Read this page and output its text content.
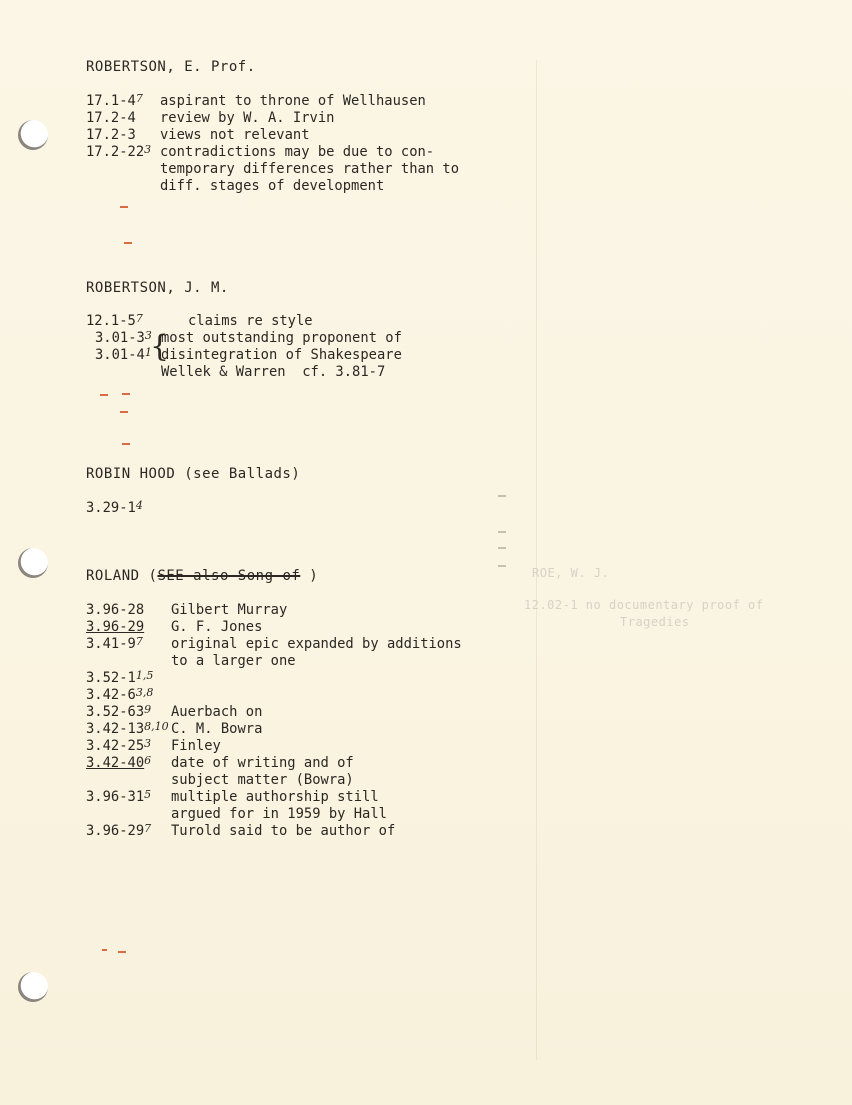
ROBERTSON, E. Prof.

$17.1-4^7$

aspirant to throne of Wellhausen

17.2-4

review by W. A. Irvin

17.2-3

views not relevant

$17.2-22^3$

contradictions may be due to con-

temporary differences rather than to

diff. stages of development

ROBERTSON, J. M.

$12.1-5^7$

	claims re style

$3.01-3^3$

most outstanding proponent of

$3.01-4^1$

disintegration of Shakespeare

{

Wellek & Warren  cf. 3.81-7

ROBIN HOOD (see Ballads)

$3.29-1^4$

ROLAND (SEE also Song of )

3.96-28

Gilbert Murray

3.96-29

G. F. Jones

$3.41-9^7$

original epic expanded by additions

to a larger one

3.52-1$^{1,5}$

3.42-6$^{3,8}$

$3.52-63^9$

Auerbach on

3.42-13$^{8,10}$

C. M. Bowra

$3.42-25^3$

Finley

$3.42-40^6$

date of writing and of

subject matter (Bowra)

$3.96-31^5$

multiple authorship still

argued for in 1959 by Hall

$3.96-29^7$

Turold said to be author of

ROE, W. J.
12.02-1 no documentary proof of
Tragedies
